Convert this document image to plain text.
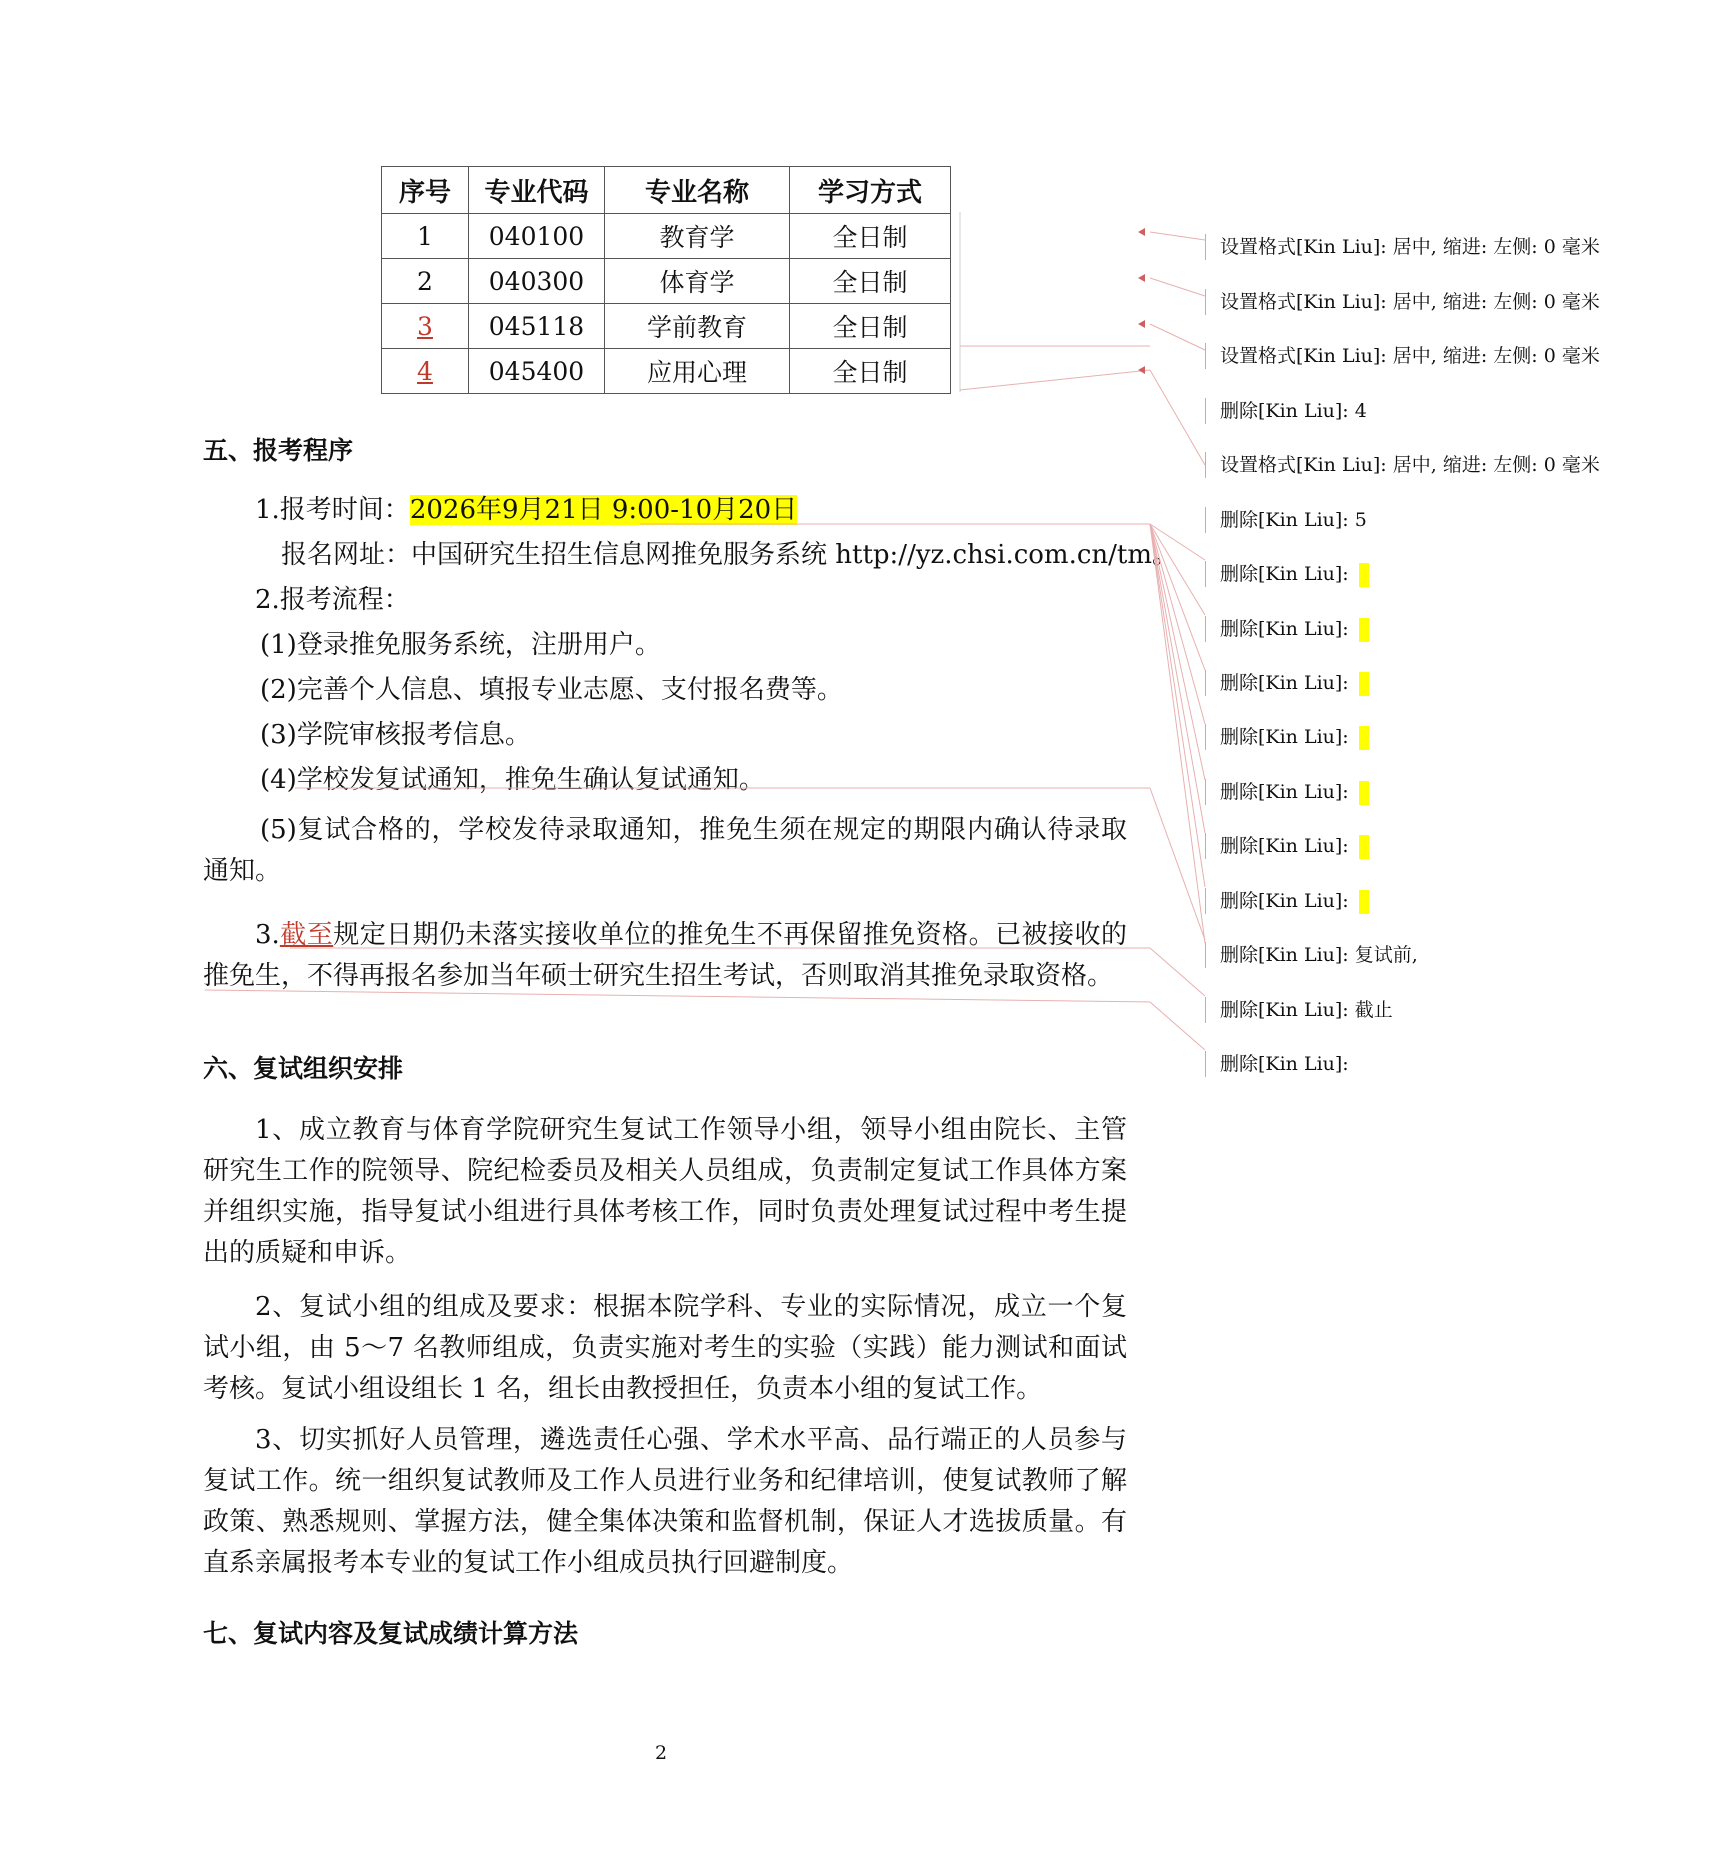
序号	专业代码	专业名称	学习方式
1	040100	教育学	全日制
2	040300	体育学	全日制
3	045118	学前教育	全日制
4	045400	应用心理	全日制
五、报考程序
1.报考时间：2026年9月21日 9:00-10月20日
报名网址：中国研究生招生信息网推免服务系统 http://yz.chsi.com.cn/tm。
2.报考流程：
(1)登录推免服务系统，注册用户。
(2)完善个人信息、填报专业志愿、支付报名费等。
(3)学院审核报考信息。
(4)学校发复试通知，推免生确认复试通知。
(5)复试合格的，学校发待录取通知，推免生须在规定的期限内确认待录取通知。
3.截至规定日期仍未落实接收单位的推免生不再保留推免资格。已被接收的推免生，不得再报名参加当年硕士研究生招生考试，否则取消其推免录取资格。
六、复试组织安排
1、成立教育与体育学院研究生复试工作领导小组，领导小组由院长、主管研究生工作的院领导、院纪检委员及相关人员组成，负责制定复试工作具体方案并组织实施，指导复试小组进行具体考核工作，同时负责处理复试过程中考生提出的质疑和申诉。
2、复试小组的组成及要求：根据本院学科、专业的实际情况，成立一个复试小组，由 5～7 名教师组成，负责实施对考生的实验（实践）能力测试和面试考核。复试小组设组长 1 名，组长由教授担任，负责本小组的复试工作。
3、切实抓好人员管理，遴选责任心强、学术水平高、品行端正的人员参与复试工作。统一组织复试教师及工作人员进行业务和纪律培训，使复试教师了解政策、熟悉规则、掌握方法，健全集体决策和监督机制，保证人才选拔质量。有直系亲属报考本专业的复试工作小组成员执行回避制度。
七、复试内容及复试成绩计算方法
设置格式[Kin Liu]: 居中, 缩进: 左侧: 0 毫米
设置格式[Kin Liu]: 居中, 缩进: 左侧: 0 毫米
设置格式[Kin Liu]: 居中, 缩进: 左侧: 0 毫米
删除[Kin Liu]: 4
设置格式[Kin Liu]: 居中, 缩进: 左侧: 0 毫米
删除[Kin Liu]: 5
删除[Kin Liu]:
删除[Kin Liu]:
删除[Kin Liu]:
删除[Kin Liu]:
删除[Kin Liu]:
删除[Kin Liu]:
删除[Kin Liu]:
删除[Kin Liu]: 复试前,
删除[Kin Liu]: 截止
删除[Kin Liu]:
2
